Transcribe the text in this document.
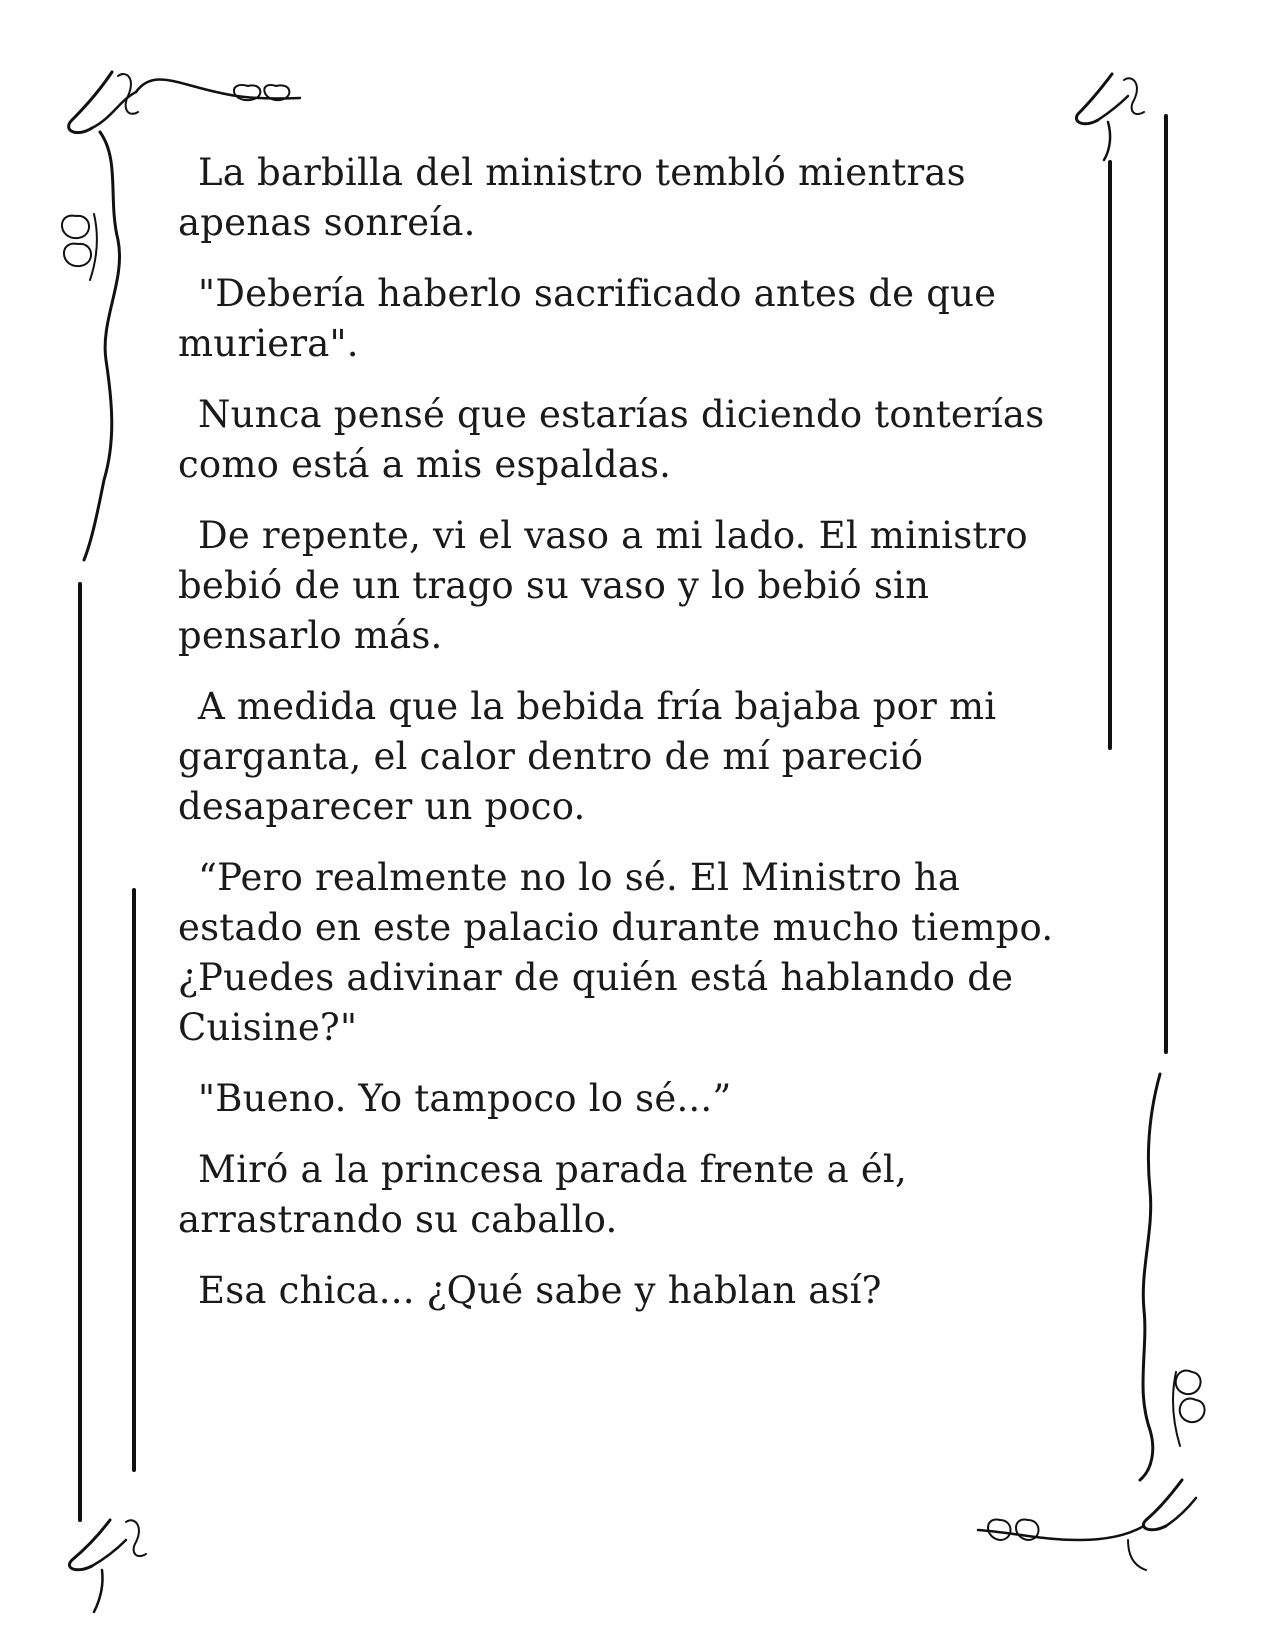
La barbilla del ministro tembló mientras apenas sonreía.

"Debería haberlo sacrificado antes de que muriera".

Nunca pensé que estarías diciendo tonterías como está a mis espaldas.

De repente, vi el vaso a mi lado. El ministro bebió de un trago su vaso y lo bebió sin pensarlo más.

A medida que la bebida fría bajaba por mi garganta, el calor dentro de mí pareció desaparecer un poco.

“Pero realmente no lo sé. El Ministro ha estado en este palacio durante mucho tiempo. ¿Puedes adivinar de quién está hablando de Cuisine?"

"Bueno. Yo tampoco lo sé...”

Miró a la princesa parada frente a él, arrastrando su caballo.

Esa chica... ¿Qué sabe y hablan así?
